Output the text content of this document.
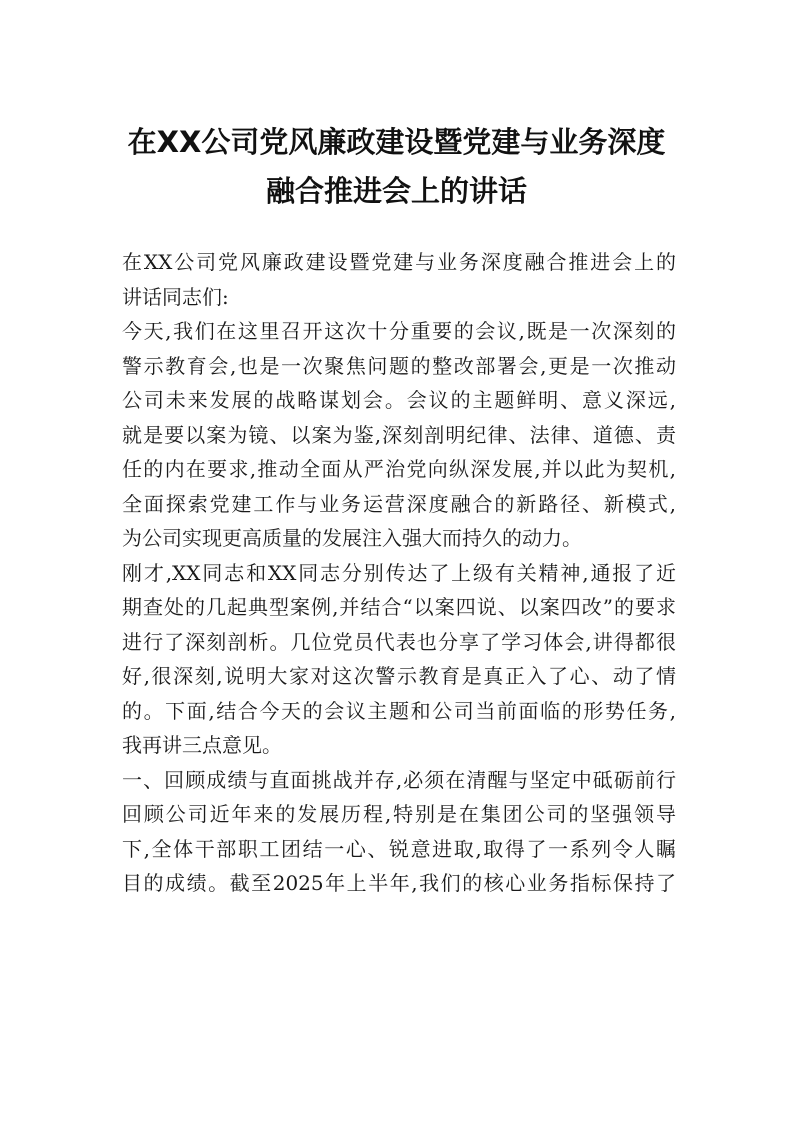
在XX公司党风廉政建设暨党建与业务深度
融合推进会上的讲话
在XX公司党风廉政建设暨党建与业务深度融合推进会上的
讲话同志们:
今天,我们在这里召开这次十分重要的会议,既是一次深刻的
警示教育会,也是一次聚焦问题的整改部署会,更是一次推动
公司未来发展的战略谋划会。会议的主题鲜明、意义深远,
就是要以案为镜、以案为鉴,深刻剖明纪律、法律、道德、责
任的内在要求,推动全面从严治党向纵深发展,并以此为契机,
全面探索党建工作与业务运营深度融合的新路径、新模式,
为公司实现更高质量的发展注入强大而持久的动力。
刚才,XX同志和XX同志分别传达了上级有关精神,通报了近
期查处的几起典型案例,并结合“以案四说、以案四改”的要求
进行了深刻剖析。几位党员代表也分享了学习体会,讲得都很
好,很深刻,说明大家对这次警示教育是真正入了心、动了情
的。下面,结合今天的会议主题和公司当前面临的形势任务,
我再讲三点意见。
一、回顾成绩与直面挑战并存,必须在清醒与坚定中砥砺前行
回顾公司近年来的发展历程,特别是在集团公司的坚强领导
下,全体干部职工团结一心、锐意进取,取得了一系列令人瞩
目的成绩。截至2025年上半年,我们的核心业务指标保持了
